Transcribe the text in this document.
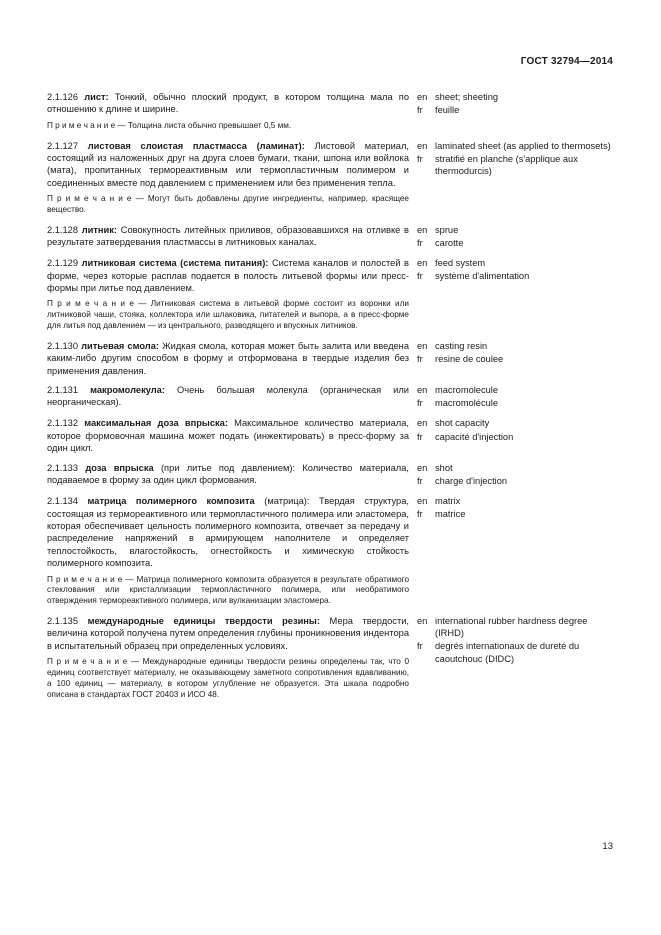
ГОСТ 32794—2014

2.1.126 лист: Тонкий, обычно плоский продукт, в котором толщина мала по отношению к длине и ширине.

П р и м е ч а н и е — Толщина листа обычно превышает 0,5 мм.

en sheet; sheeting
fr	feuille

2.1.127 листовая слоистая пластмасса (ламинат): Листовой материал, состоящий из наложенных друг на друга слоев бумаги, ткани, шпона или войлока (мата), пропитанных термореактивным или термопластичным полимером и соединенных вместе под давлением с применением или без применения тепла.

П р и м е ч а н и е — Могут быть добавлены другие ингредиенты, например, красящее вещество.

en laminated sheet (as applied to thermosets)
fr	stratifié en planche (s'applique aux thermodurcis)

2.1.128 литник: Совокупность литейных приливов, образовавшихся на отливке в результате затвердевания пластмассы в литниковых каналах.

en sprue
fr	carotte

2.1.129 литниковая система (система питания): Система каналов и полостей в форме, через которые расплав подается в полость литьевой формы или пресс-формы при литье под давлением.

П р и м е ч а н и е — Литниковая система в литьевой форме состоит из воронки или литниковой чаши, стояка, коллектора или шлаковика, питателей и выпора, а в пресс-форме для литья под давлением — из центрального, разводящего и впускных литников.

en feed system
fr	système d'alimentation

2.1.130 литьевая смола: Жидкая смола, которая может быть залита или введена каким-либо другим способом в форму и отформована в твердые изделия без применения давления.

en casting resin
fr	resine de coulee

2.1.131 макромолекула: Очень большая молекула (органическая или неорганическая).

en macromolecule
fr	macromolécule

2.1.132 максимальная доза впрыска: Максимальное количество материала, которое формовочная машина может подать (инжектировать) в пресс-форму за один цикл.

en shot capacity
fr	capacité d'injection

2.1.133 доза впрыска (при литье под давлением): Количество материала, подаваемое в форму за один цикл формования.

en shot
fr	charge d'injection

2.1.134 матрица полимерного композита (матрица): Твердая структура, состоящая из термореактивного или термопластичного полимера или эластомера, которая обеспечивает цельность полимерного композита, отвечает за передачу и распределение напряжений в армирующем наполнителе и определяет теплостойкость, влагостойкость, огнестойкость и химическую стойкость полимерного композита.

П р и м е ч а н и е — Матрица полимерного композита образуется в результате обратимого стеклования или кристаллизации термопластичного полимера, или необратимого отверждения термореактивного полимера, или вулканизации эластомера.

en matrix
fr	matrice

2.1.135 международные единицы твердости резины: Мера твердости, величина которой получена путем определения глубины проникновения индентора в испытательный образец при определенных условиях.

П р и м е ч а н и е — Международные единицы твердости резины определены так, что 0 единиц соответствует материалу, не оказывающему заметного сопротивления вдавливанию, а 100 единиц — материалу, в котором углубление не образуется. Эта шкала подробно описана в стандартах ГОСТ 20403 и ИСО 48.

en international rubber hardness degree (IRHD)
fr	degrés internationaux de dureté du caoutchouc (DIDC)
13
